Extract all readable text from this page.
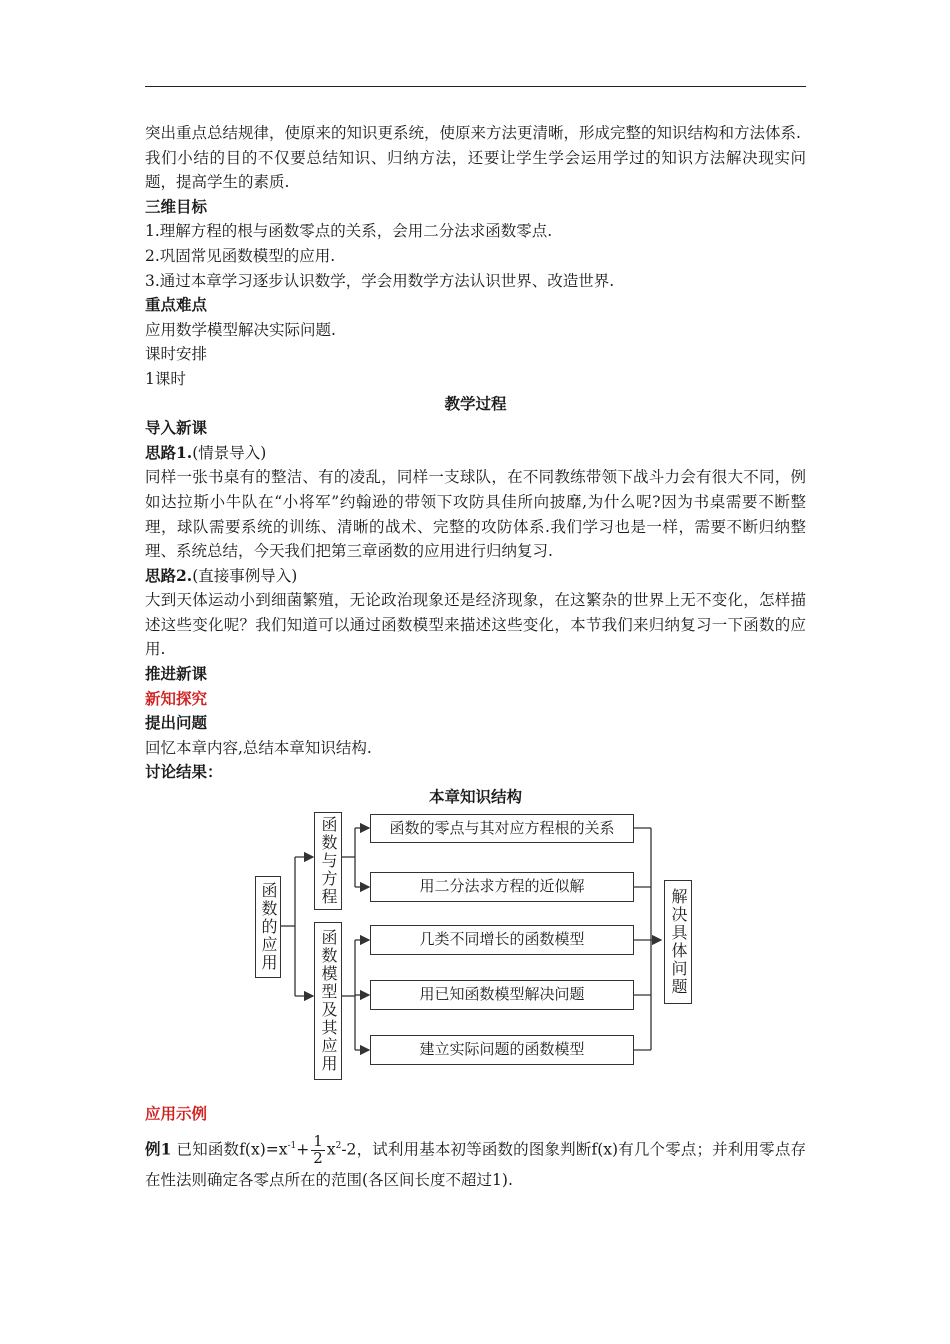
突出重点总结规律，使原来的知识更系统，使原来方法更清晰，形成完整的知识结构和方法体系.

我们小结的目的不仅要总结知识、归纳方法，还要让学生学会运用学过的知识方法解决现实问题，提高学生的素质.

三维目标

1.理解方程的根与函数零点的关系，会用二分法求函数零点.

2.巩固常见函数模型的应用.

3.通过本章学习逐步认识数学，学会用数学方法认识世界、改造世界.

重点难点

应用数学模型解决实际问题.

课时安排

1课时

教学过程

导入新课

思路1.(情景导入)

同样一张书桌有的整洁、有的凌乱，同样一支球队，在不同教练带领下战斗力会有很大不同，例如达拉斯小牛队在“小将军”约翰逊的带领下攻防具佳所向披靡,为什么呢?因为书桌需要不断整理，球队需要系统的训练、清晰的战术、完整的攻防体系.我们学习也是一样，需要不断归纳整理、系统总结，今天我们把第三章函数的应用进行归纳复习.

思路2.(直接事例导入)

大到天体运动小到细菌繁殖，无论政治现象还是经济现象，在这繁杂的世界上无不变化，怎样描述这些变化呢？我们知道可以通过函数模型来描述这些变化，本节我们来归纳复习一下函数的应用.

推进新课

新知探究

提出问题

回忆本章内容,总结本章知识结构.

讨论结果：

本章知识结构

函数的应用
函数与方程
函数模型及其应用
函数的零点与其对应方程根的关系
用二分法求方程的近似解
几类不同增长的函数模型
用已知函数模型解决问题
建立实际问题的函数模型
解决具体问题

应用示例

例1 已知函数$f(x)=x^{-1}+ \frac{1}{2} x^2-2$，试利用基本初等函数的图象判断f(x)有几个零点；并利用零点存在性法则确定各零点所在的范围(各区间长度不超过1).
